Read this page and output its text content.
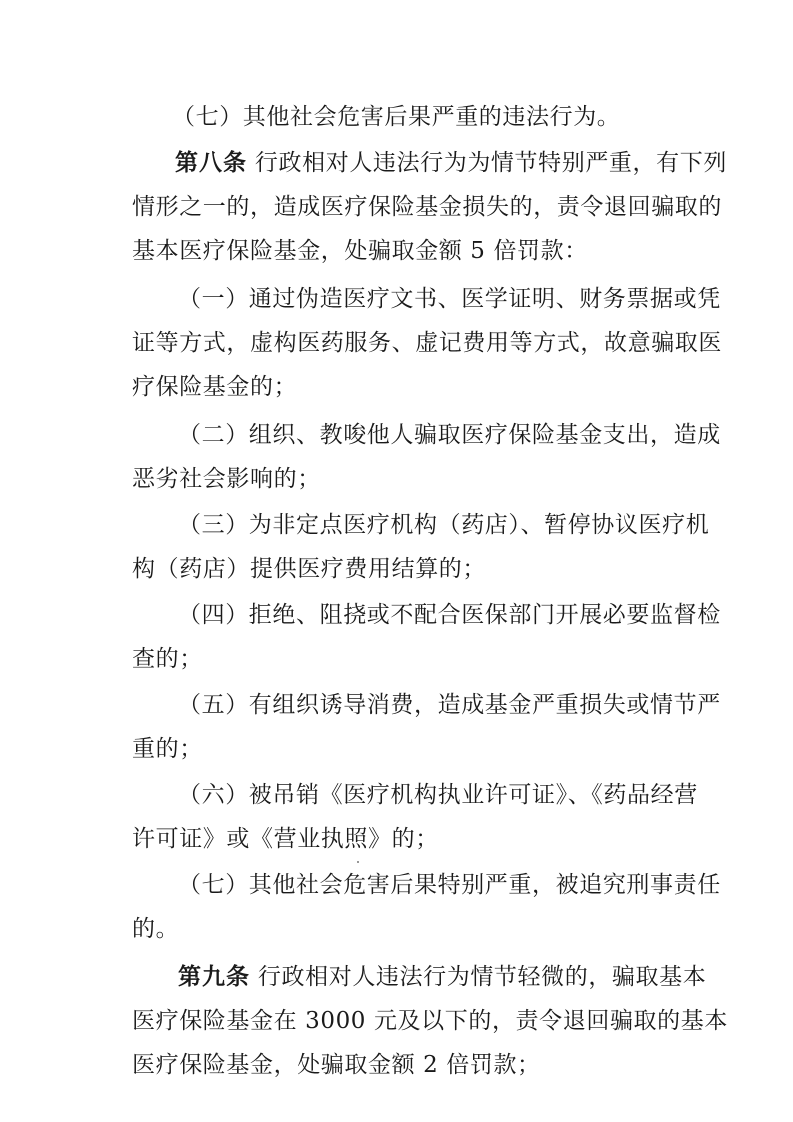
（七）其他社会危害后果严重的违法行为。
第八条 行政相对人违法行为为情节特别严重，有下列
情形之一的，造成医疗保险基金损失的，责令退回骗取的
基本医疗保险基金，处骗取金额 5 倍罚款：
（一）通过伪造医疗文书、医学证明、财务票据或凭
证等方式，虚构医药服务、虚记费用等方式，故意骗取医
疗保险基金的；
（二）组织、教唆他人骗取医疗保险基金支出，造成
恶劣社会影响的；
（三）为非定点医疗机构（药店）、暂停协议医疗机
构（药店）提供医疗费用结算的；
（四）拒绝、阻挠或不配合医保部门开展必要监督检
查的；
（五）有组织诱导消费，造成基金严重损失或情节严
重的；
（六）被吊销《医疗机构执业许可证》、《药品经营
许可证》或《营业执照》的；
（七）其他社会危害后果特别严重，被追究刑事责任
的。
第九条 行政相对人违法行为情节轻微的，骗取基本
医疗保险基金在 3000 元及以下的，责令退回骗取的基本
医疗保险基金，处骗取金额 2 倍罚款；
